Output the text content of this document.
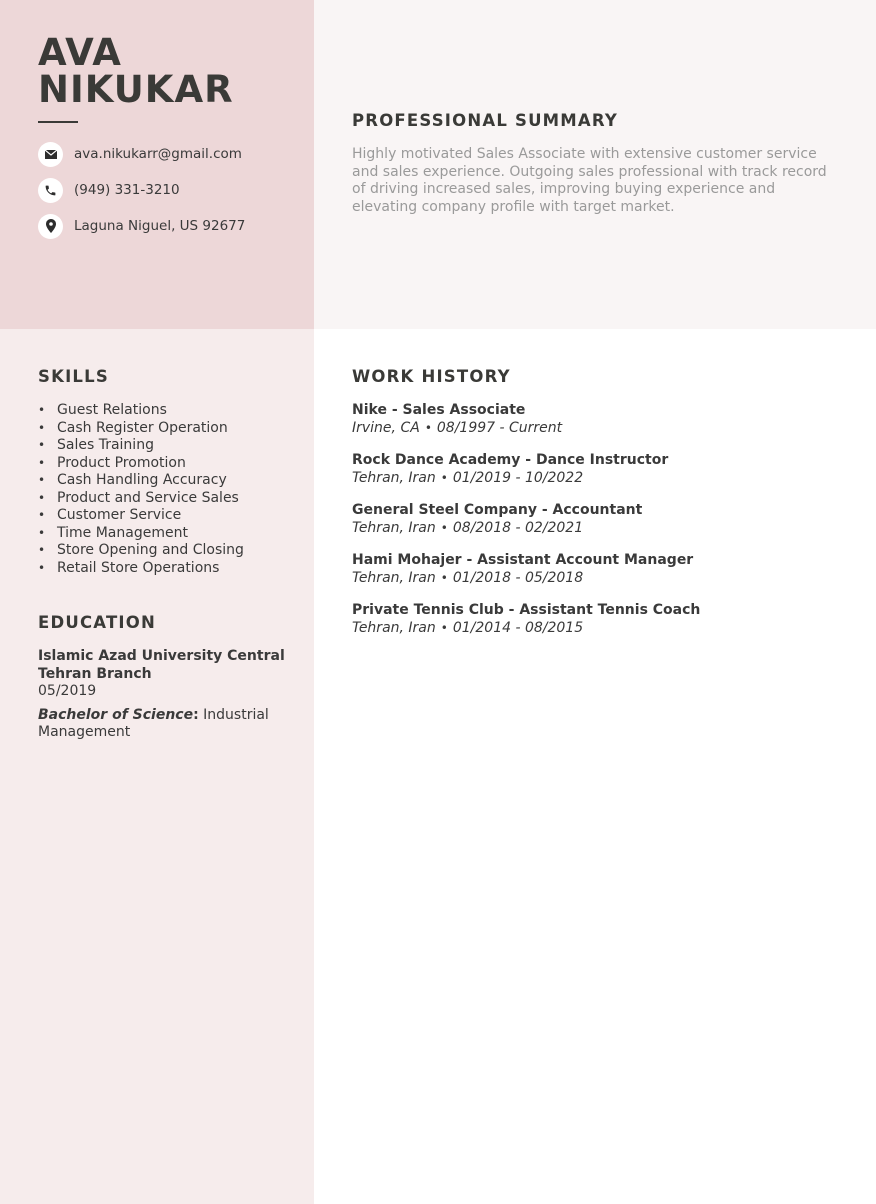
AVA
NIKUKAR
ava.nikukarr@gmail.com
(949) 331-3210
Laguna Niguel, US 92677
PROFESSIONAL SUMMARY
Highly motivated Sales Associate with extensive customer service and sales experience. Outgoing sales professional with track record of driving increased sales, improving buying experience and elevating company profile with target market.
SKILLS
• Guest Relations
• Cash Register Operation
• Sales Training
• Product Promotion
• Cash Handling Accuracy
• Product and Service Sales
• Customer Service
• Time Management
• Store Opening and Closing
• Retail Store Operations
EDUCATION
Islamic Azad University Central Tehran Branch
05/2019
Bachelor of Science: Industrial Management
WORK HISTORY
Nike - Sales Associate
Irvine, CA • 08/1997 - Current
Rock Dance Academy - Dance Instructor
Tehran, Iran • 01/2019 - 10/2022
General Steel Company - Accountant
Tehran, Iran • 08/2018 - 02/2021
Hami Mohajer - Assistant Account Manager
Tehran, Iran • 01/2018 - 05/2018
Private Tennis Club - Assistant Tennis Coach
Tehran, Iran • 01/2014 - 08/2015
